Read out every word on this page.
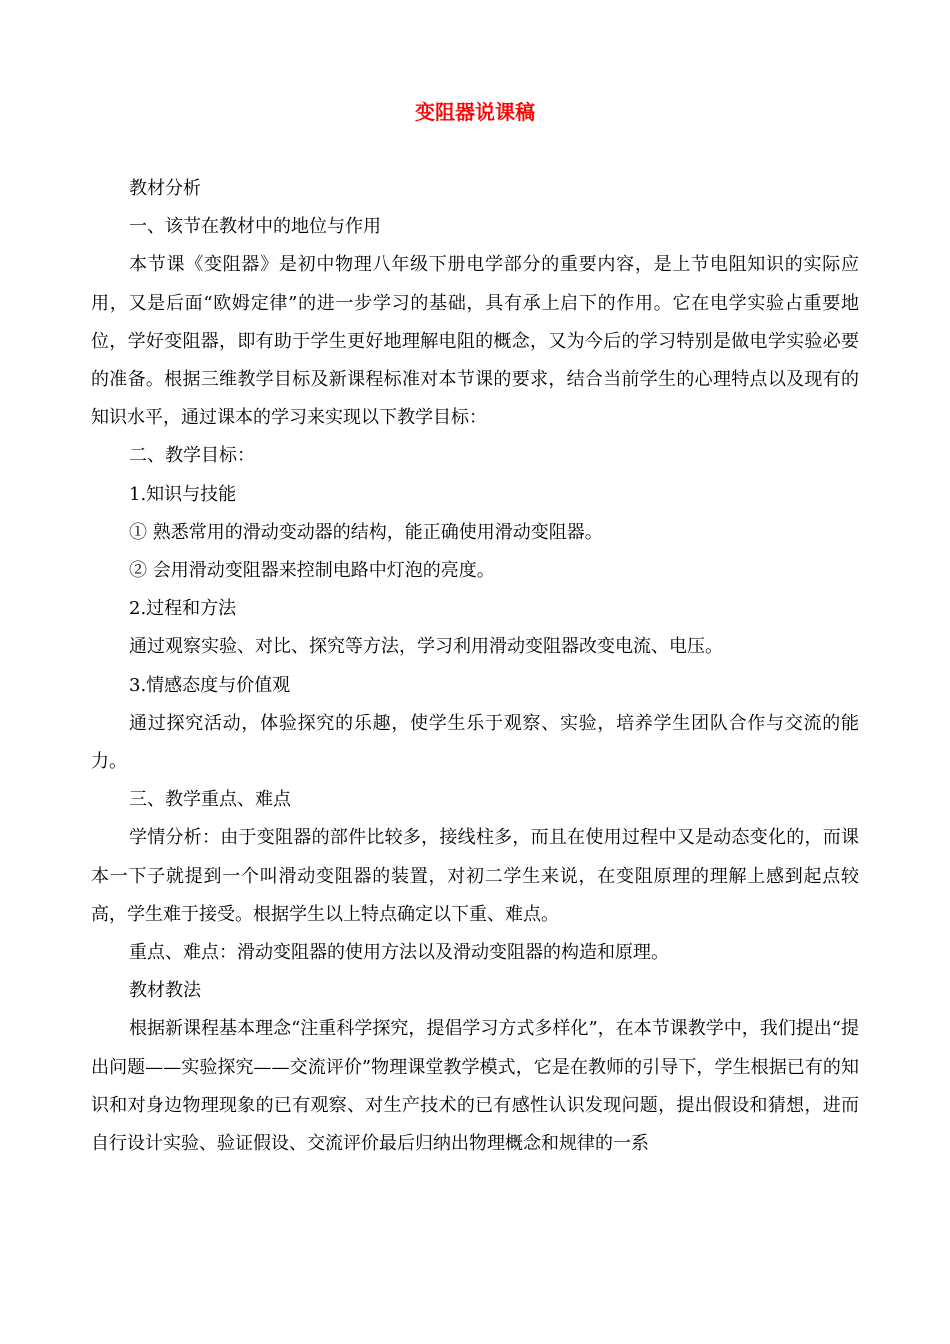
变阻器说课稿

教材分析

一、该节在教材中的地位与作用

本节课《变阻器》是初中物理八年级下册电学部分的重要内容，是上节电阻知识的实际应用，又是后面“欧姆定律”的进一步学习的基础，具有承上启下的作用。它在电学实验占重要地位，学好变阻器，即有助于学生更好地理解电阻的概念，又为今后的学习特别是做电学实验必要的准备。根据三维教学目标及新课程标准对本节课的要求，结合当前学生的心理特点以及现有的知识水平，通过课本的学习来实现以下教学目标：

二、教学目标：

1.知识与技能

① 熟悉常用的滑动变动器的结构，能正确使用滑动变阻器。

② 会用滑动变阻器来控制电路中灯泡的亮度。

2.过程和方法

通过观察实验、对比、探究等方法，学习利用滑动变阻器改变电流、电压。

3.情感态度与价值观

通过探究活动，体验探究的乐趣，使学生乐于观察、实验，培养学生团队合作与交流的能力。

三、教学重点、难点

学情分析：由于变阻器的部件比较多，接线柱多，而且在使用过程中又是动态变化的，而课本一下子就提到一个叫滑动变阻器的装置，对初二学生来说，在变阻原理的理解上感到起点较高，学生难于接受。根据学生以上特点确定以下重、难点。

重点、难点：滑动变阻器的使用方法以及滑动变阻器的构造和原理。

教材教法

根据新课程基本理念“注重科学探究，提倡学习方式多样化”，在本节课教学中，我们提出“提出问题——实验探究——交流评价”物理课堂教学模式，它是在教师的引导下，学生根据已有的知识和对身边物理现象的已有观察、对生产技术的已有感性认识发现问题，提出假设和猜想，进而自行设计实验、验证假设、交流评价最后归纳出物理概念和规律的一系
